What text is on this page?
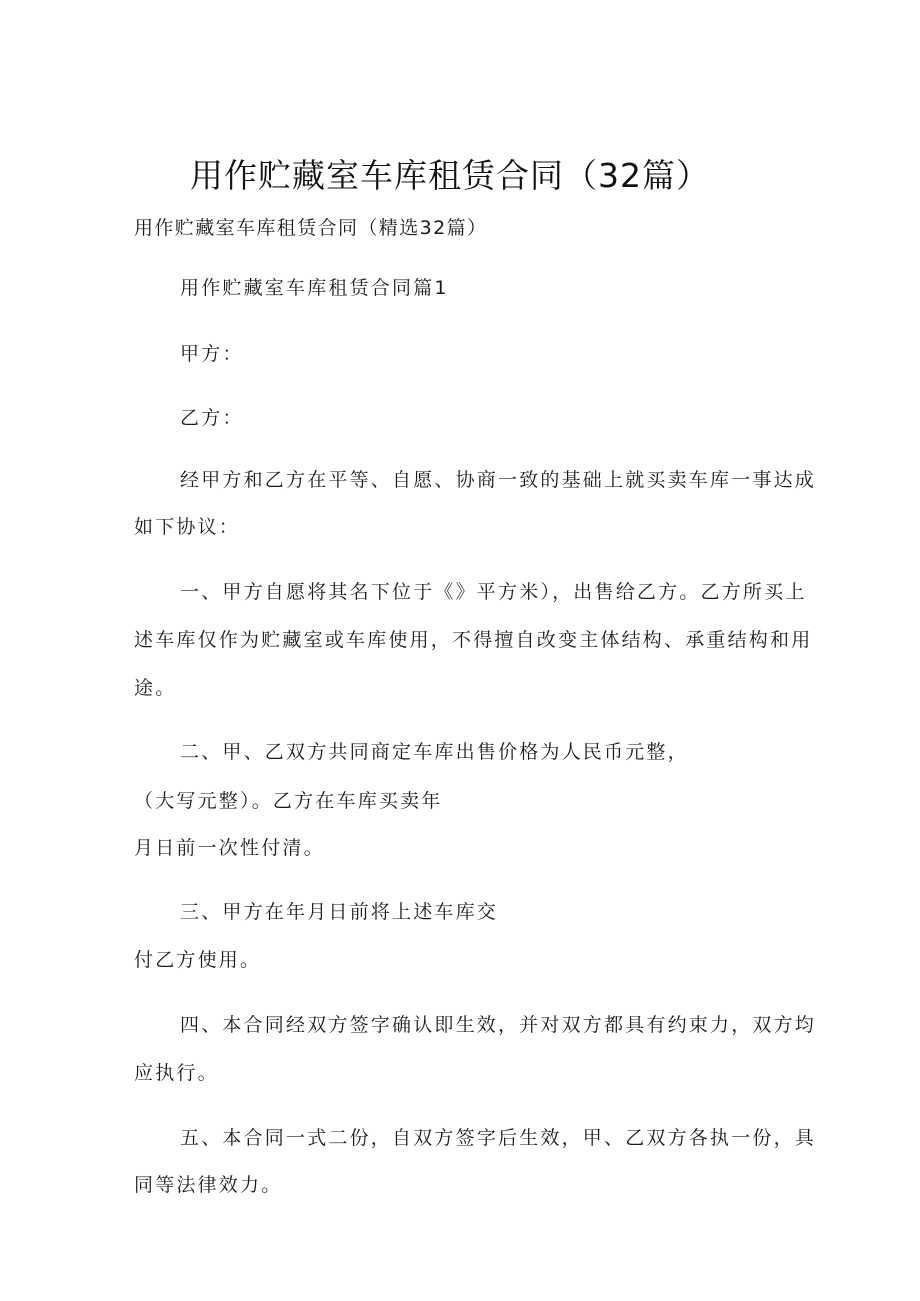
用作贮藏室车库租赁合同（32篇）
用作贮藏室车库租赁合同（精选32篇）
用作贮藏室车库租赁合同篇1
甲方：
乙方：
经甲方和乙方在平等、自愿、协商一致的基础上就买卖车库一事达成
如下协议：
一、甲方自愿将其名下位于《》平方米），出售给乙方。乙方所买上
述车库仅作为贮藏室或车库使用，不得擅自改变主体结构、承重结构和用
途。
二、甲、乙双方共同商定车库出售价格为人民币元整，
（大写元整）。乙方在车库买卖年
月日前一次性付清。
三、甲方在年月日前将上述车库交
付乙方使用。
四、本合同经双方签字确认即生效，并对双方都具有约束力，双方均
应执行。
五、本合同一式二份，自双方签字后生效，甲、乙双方各执一份，具
同等法律效力。
